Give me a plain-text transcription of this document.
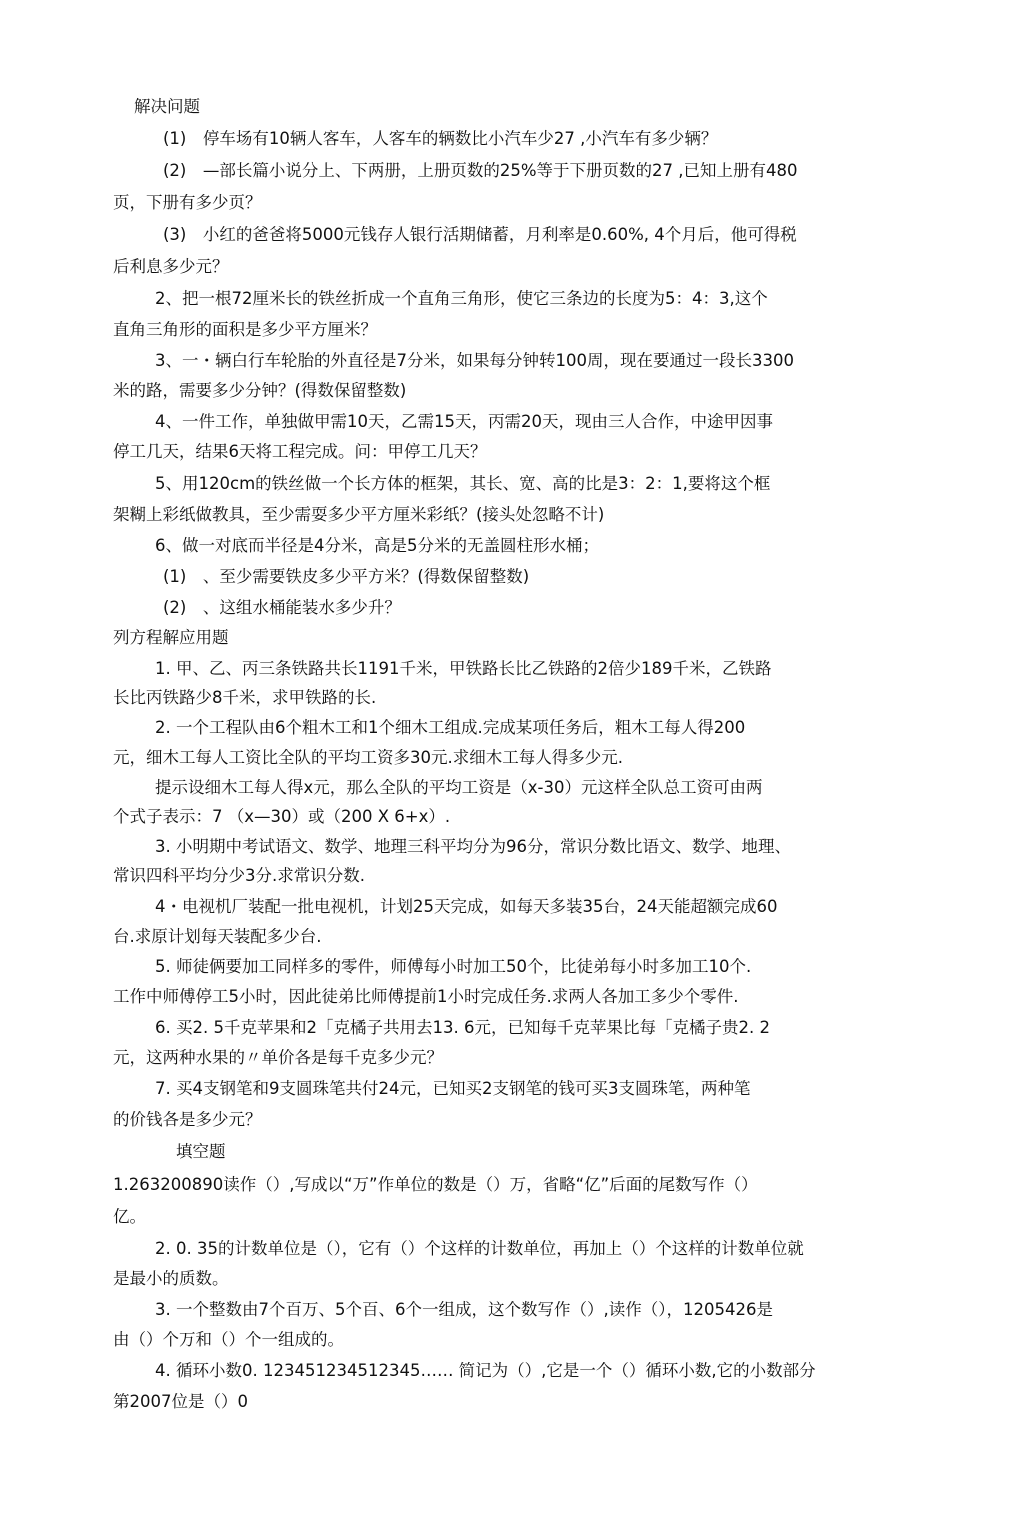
解决问题
(1)　停车场有10辆人客车，人客车的辆数比小汽车少27 ,小汽车有多少辆？
(2)　—部长篇小说分上、下两册，上册页数的25%等于下册页数的27 ,已知上册有480
页，下册有多少页？
(3)　小红的爸爸将5000元钱存人银行活期储蓄，月利率是0.60%, 4个月后，他可得税
后利息多少元？
2、把一根72厘米长的铁丝折成一个直角三角形，使它三条边的长度为5：4：3,这个
直角三角形的面积是多少平方厘米？
3、一・辆白行车轮胎的外直径是7分米，如果每分钟转100周，现在要通过一段长3300
米的路，需要多少分钟？(得数保留整数)
4、一件工作，单独做甲需10天，乙需15天，丙需20天，现由三人合作，中途甲因事
停工几天，结果6天将工程完成。问：甲停工几天？
5、用120cm的铁丝做一个长方体的框架，其长、宽、高的比是3：2：1,要将这个框
架糊上彩纸做教具，至少需耍多少平方厘米彩纸？(接头处忽略不计)
6、做一对底而半径是4分米，高是5分米的无盖圆柱形水桶；
(1)　、至少需要铁皮多少平方米？(得数保留整数)
(2)　、这组水桶能装水多少升？
列方程解应用题
1. 甲、乙、丙三条铁路共长1191千米，甲铁路长比乙铁路的2倍少189千米，乙铁路
长比丙铁路少8千米，求甲铁路的长.
2. 一个工程队由6个粗木工和1个细木工组成.完成某项任务后，粗木工每人得200
元，细木工每人工资比全队的平均工资多30元.求细木工每人得多少元.
提示设细木工每人得x元，那么全队的平均工资是（x-30）元这样全队总工资可由两
个式子表示：7 （x—30）或（200 X 6+x）.
3. 小明期中考试语文、数学、地理三科平均分为96分，常识分数比语文、数学、地理、
常识四科平均分少3分.求常识分数.
4・电视机厂装配一批电视机，计划25天完成，如每天多装35台，24天能超额完成60
台.求原计划每天装配多少台.
5. 师徒俩要加工同样多的零件，师傅每小时加工50个，比徒弟每小时多加工10个.
工作中师傅停工5小时，因此徒弟比师傅提前1小时完成任务.求两人各加工多少个零件.
6. 买2. 5千克苹果和2「克橘子共用去13. 6元，已知每千克苹果比每「克橘子贵2. 2
元，这两种水果的〃单价各是每千克多少元？
7. 买4支钢笔和9支圆珠笔共付24元，已知买2支钢笔的钱可买3支圆珠笔，两种笔
的价钱各是多少元？
填空题
1.263200890读作（）,写成以“万”作单位的数是（）万，省略“亿”后面的尾数写作（）
亿。
2. 0. 35的计数单位是（），它有（）个这样的计数单位，再加上（）个这样的计数单位就
是最小的质数。
3. 一个整数由7个百万、5个百、6个一组成，这个数写作（）,读作（），1205426是
由（）个万和（）个一组成的。
4. 循环小数0. 123451234512345…… 简记为（）,它是一个（）循环小数,它的小数部分
第2007位是（）0
